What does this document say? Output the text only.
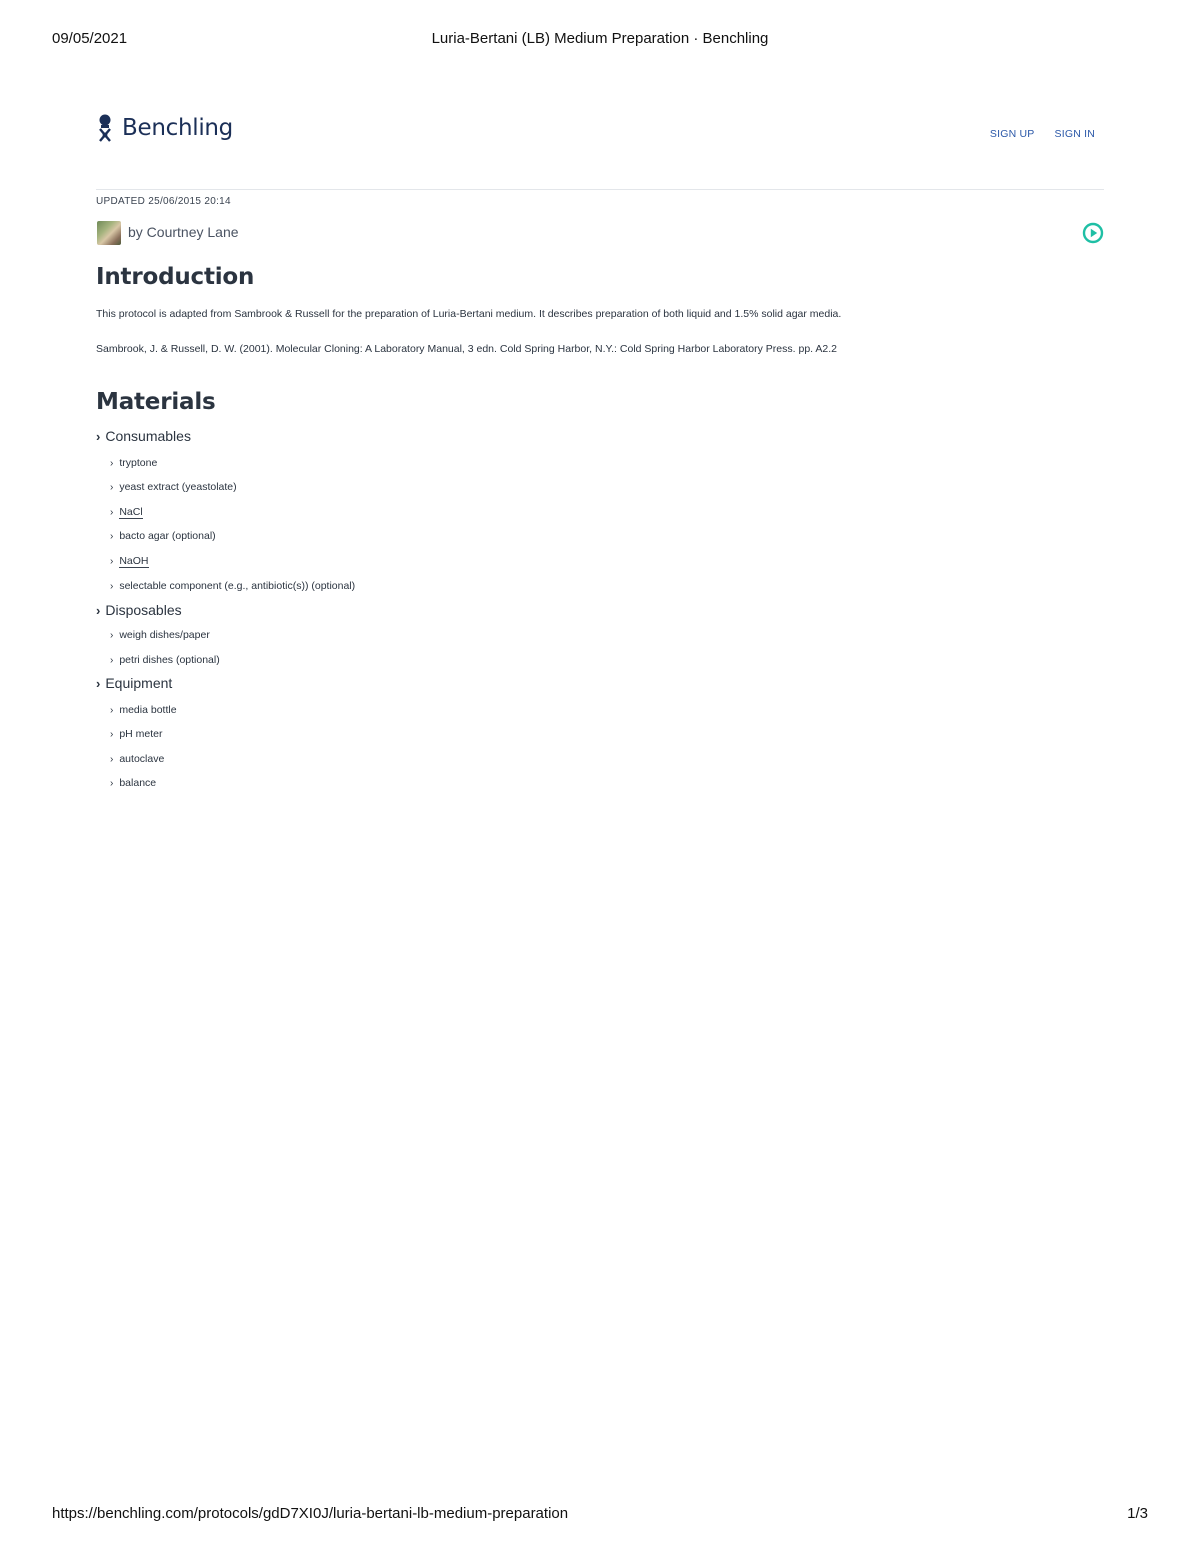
09/05/2021	Luria-Bertani (LB) Medium Preparation · Benchling
Benchling	SIGN UP SIGN IN
UPDATED 25/06/2015 20:14
by Courtney Lane
Introduction
This protocol is adapted from Sambrook & Russell for the preparation of Luria-Bertani medium. It describes preparation of both liquid and 1.5% solid agar media.
Sambrook, J. & Russell, D. W. (2001). Molecular Cloning: A Laboratory Manual, 3 edn. Cold Spring Harbor, N.Y.: Cold Spring Harbor Laboratory Press. pp. A2.2
Materials
› Consumables
› tryptone
› yeast extract (yeastolate)
› NaCl
› bacto agar (optional)
› NaOH
› selectable component (e.g., antibiotic(s)) (optional)
› Disposables
› weigh dishes/paper
› petri dishes (optional)
› Equipment
› media bottle
› pH meter
› autoclave
› balance
https://benchling.com/protocols/gdD7XI0J/luria-bertani-lb-medium-preparation	1/3
